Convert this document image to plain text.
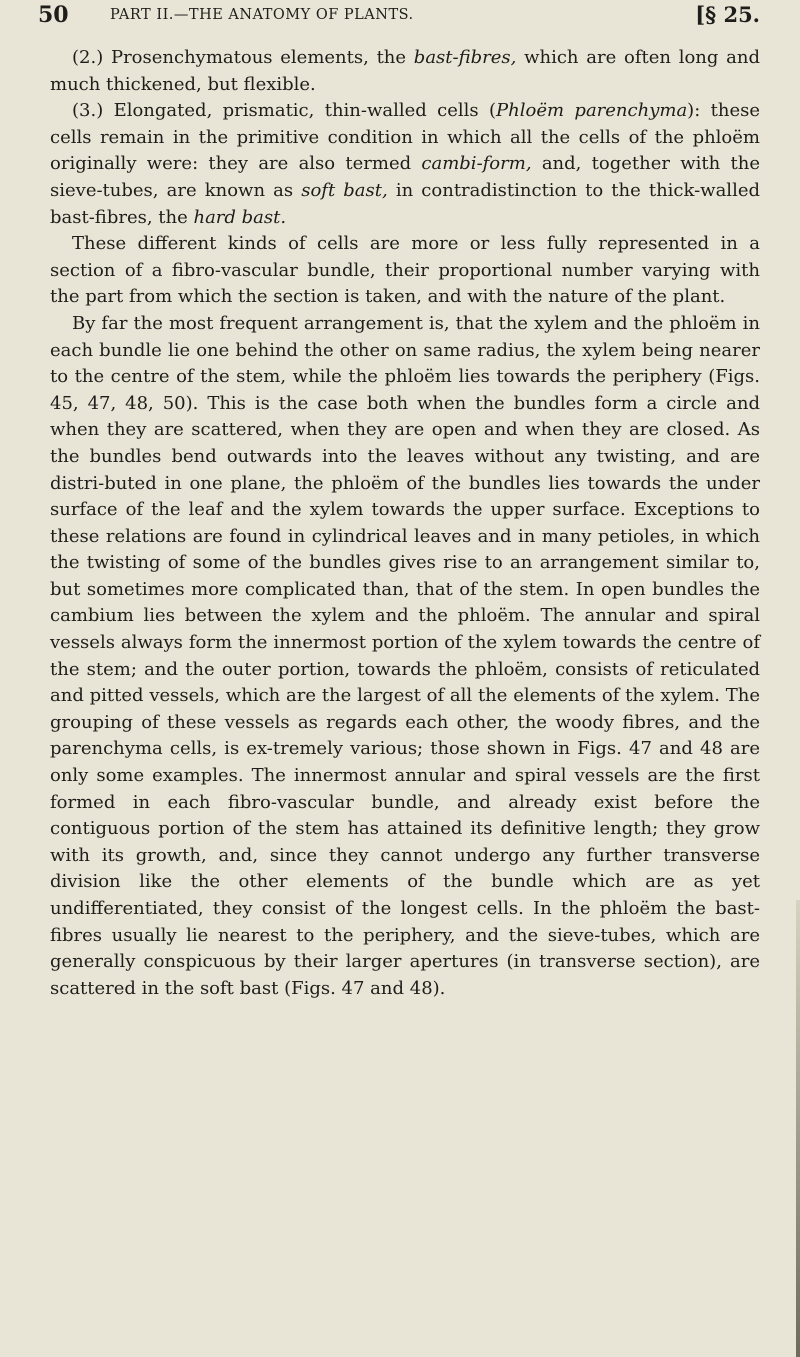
50	PART II.—THE ANATOMY OF PLANTS.	[§ 25.

(2.) Prosenchymatous elements, the bast-fibres, which are often long and much thickened, but flexible.

(3.) Elongated, prismatic, thin-walled cells (Phloëm parenchyma): these cells remain in the primitive condition in which all the cells of the phloëm originally were: they are also termed cambi-form, and, together with the sieve-tubes, are known as soft bast, in contradistinction to the thick-walled bast-fibres, the hard bast.

These different kinds of cells are more or less fully represented in a section of a fibro-vascular bundle, their proportional number varying with the part from which the section is taken, and with the nature of the plant.

By far the most frequent arrangement is, that the xylem and the phloëm in each bundle lie one behind the other on same radius, the xylem being nearer to the centre of the stem, while the phloëm lies towards the periphery (Figs. 45, 47, 48, 50). This is the case both when the bundles form a circle and when they are scattered, when they are open and when they are closed. As the bundles bend outwards into the leaves without any twisting, and are distri-buted in one plane, the phloëm of the bundles lies towards the under surface of the leaf and the xylem towards the upper surface. Exceptions to these relations are found in cylindrical leaves and in many petioles, in which the twisting of some of the bundles gives rise to an arrangement similar to, but sometimes more complicated than, that of the stem. In open bundles the cambium lies between the xylem and the phloëm. The annular and spiral vessels always form the innermost portion of the xylem towards the centre of the stem; and the outer portion, towards the phloëm, consists of reticulated and pitted vessels, which are the largest of all the elements of the xylem. The grouping of these vessels as regards each other, the woody fibres, and the parenchyma cells, is ex-tremely various; those shown in Figs. 47 and 48 are only some examples. The innermost annular and spiral vessels are the first formed in each fibro-vascular bundle, and already exist before the contiguous portion of the stem has attained its definitive length; they grow with its growth, and, since they cannot undergo any further transverse division like the other elements of the bundle which are as yet undifferentiated, they consist of the longest cells. In the phloëm the bast-fibres usually lie nearest to the periphery, and the sieve-tubes, which are generally conspicuous by their larger apertures (in transverse section), are scattered in the soft bast (Figs. 47 and 48).
